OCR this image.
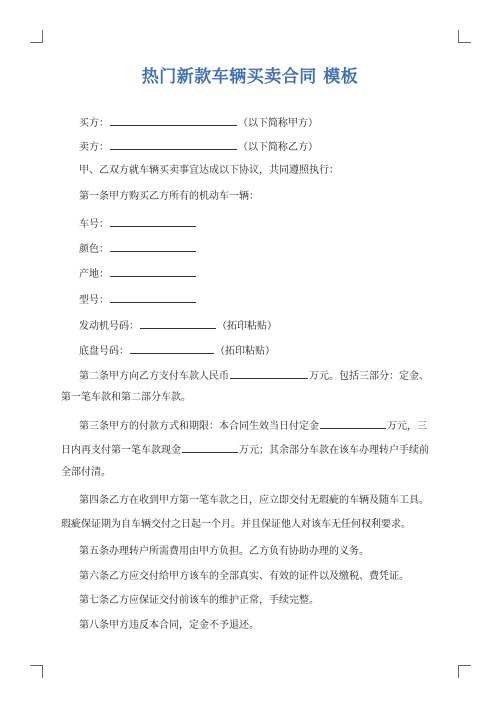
热门新款车辆买卖合同 模板
买方：	（以下简称甲方）
卖方：	（以下简称乙方）
甲、乙双方就车辆买卖事宜达成以下协议，共同遵照执行：
第一条甲方购买乙方所有的机动车一辆：
车号：
颜色：
产地：
型号：
发动机号码：	（拓印粘贴）
底盘号码：	（拓印粘贴）
第二条甲方向乙方支付车款人民币	万元。包括三部分：定金、
第一笔车款和第二部分车款。
第三条甲方的付款方式和期限：本合同生效当日付定金	万元，三
日内再支付第一笔车款现金	万元；其余部分车款在该车办理转户手续前
全部付清。
第四条乙方在收到甲方第一笔车款之日，应立即交付无瑕疵的车辆及随车工具。
瑕疵保证期为自车辆交付之日起一个月。并且保证他人对该车无任何权利要求。
第五条办理转户所需费用由甲方负担。乙方负有协助办理的义务。
第六条乙方应交付给甲方该车的全部真实、有效的证件以及缴税、费凭证。
第七条乙方应保证交付前该车的维护正常，手续完整。
第八条甲方违反本合同，定金不予退还。
